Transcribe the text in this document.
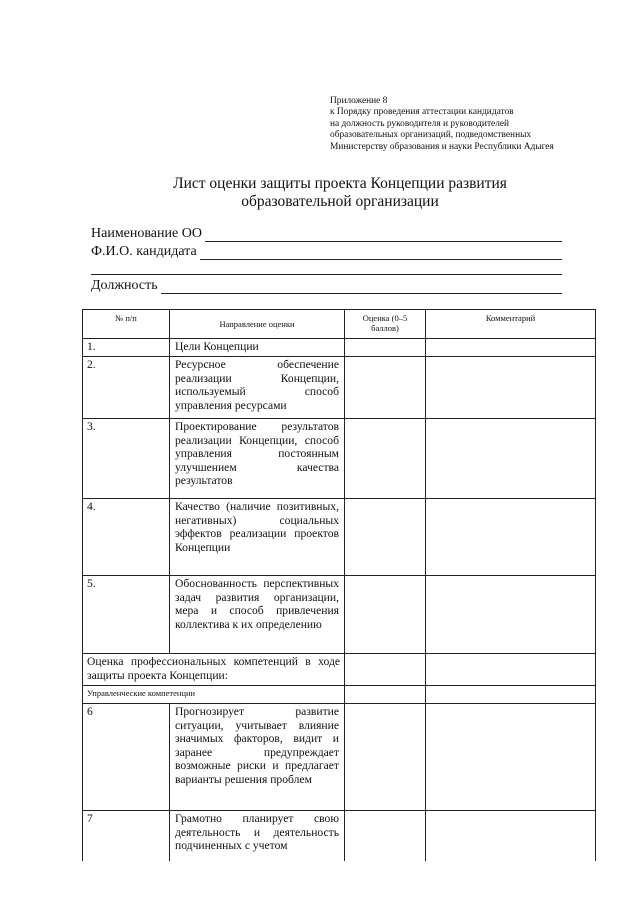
Приложение 8
к Порядку проведения аттестации кандидатов
на должность руководителя и руководителей
образовательных организаций, подведомственных
Министерству образования и науки Республики Адыгея
Лист оценки защиты проекта Концепции развития
образовательной организации
Наименование ОО
Ф.И.О. кандидата
Должность
№ п/п	Направление оценки	Оценка (0–5 баллов)	Комментарий
1.	Цели Концепции		
2.	Ресурсное обеспечение реализации Концепции, используемый способ управления ресурсами		
3.	Проектирование результатов реализации Концепции, способ управления постоянным улучшением качества результатов		
4.	Качество (наличие позитивных, негативных) социальных эффектов реализации проектов Концепции		
5.	Обоснованность перспективных задач развития организации, мера и способ привлечения коллектива к их определению		
Оценка профессиональных компетенций в ходе защиты проекта Концепции:			
Управленческие компетенции			
6	Прогнозирует развитие ситуации, учитывает влияние значимых факторов, видит и заранее предупреждает возможные риски и предлагает варианты решения проблем		
7	Грамотно планирует свою деятельность и деятельность подчиненных с учетом		
